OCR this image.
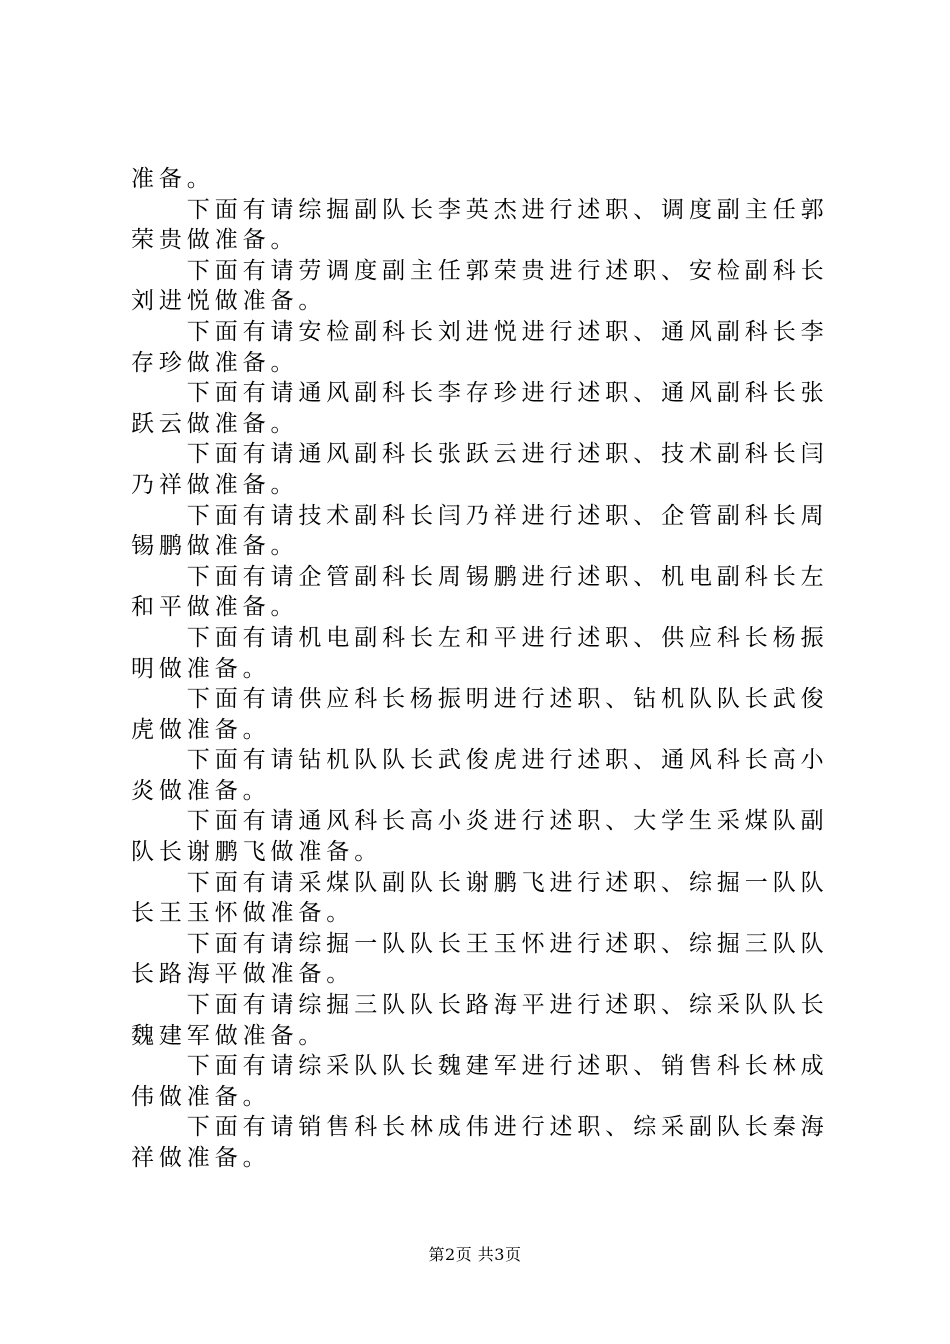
准备。

下面有请综掘副队长李英杰进行述职、调度副主任郭荣贵做准备。

下面有请劳调度副主任郭荣贵进行述职、安检副科长刘进悦做准备。

下面有请安检副科长刘进悦进行述职、通风副科长李存珍做准备。

下面有请通风副科长李存珍进行述职、通风副科长张跃云做准备。

下面有请通风副科长张跃云进行述职、技术副科长闫乃祥做准备。

下面有请技术副科长闫乃祥进行述职、企管副科长周锡鹏做准备。

下面有请企管副科长周锡鹏进行述职、机电副科长左和平做准备。

下面有请机电副科长左和平进行述职、供应科长杨振明做准备。

下面有请供应科长杨振明进行述职、钻机队队长武俊虎做准备。

下面有请钻机队队长武俊虎进行述职、通风科长高小炎做准备。

下面有请通风科长高小炎进行述职、大学生采煤队副队长谢鹏飞做准备。

下面有请采煤队副队长谢鹏飞进行述职、综掘一队队长王玉怀做准备。

下面有请综掘一队队长王玉怀进行述职、综掘三队队长路海平做准备。

下面有请综掘三队队长路海平进行述职、综采队队长魏建军做准备。

下面有请综采队队长魏建军进行述职、销售科长林成伟做准备。

下面有请销售科长林成伟进行述职、综采副队长秦海祥做准备。

第2页 共3页
